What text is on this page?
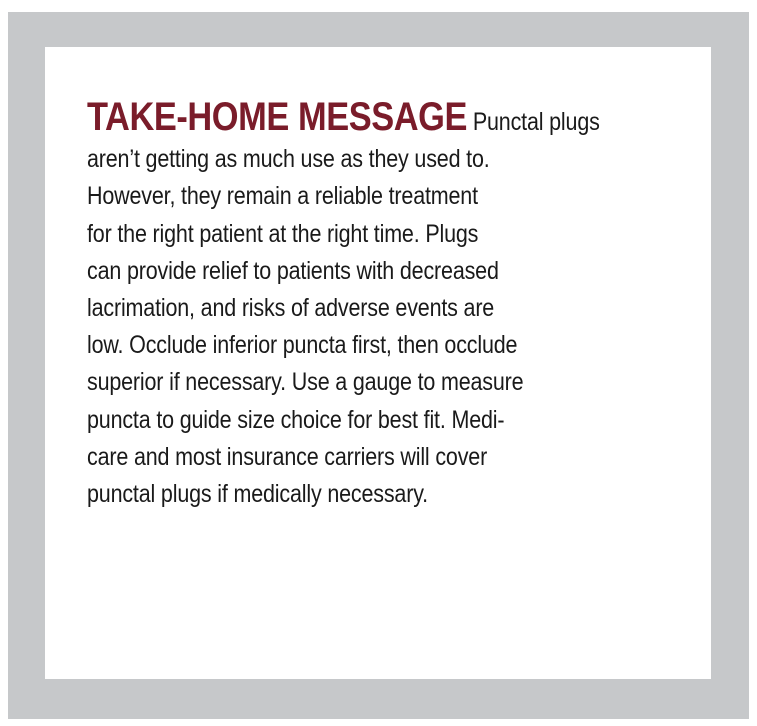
TAKE-HOME MESSAGE Punctal plugs
aren’t getting as much use as they used to.
However, they remain a reliable treatment
for the right patient at the right time. Plugs
can provide relief to patients with decreased
lacrimation, and risks of adverse events are
low. Occlude inferior puncta first, then occlude
superior if necessary. Use a gauge to measure
puncta to guide size choice for best fit. Medi-
care and most insurance carriers will cover
punctal plugs if medically necessary.
